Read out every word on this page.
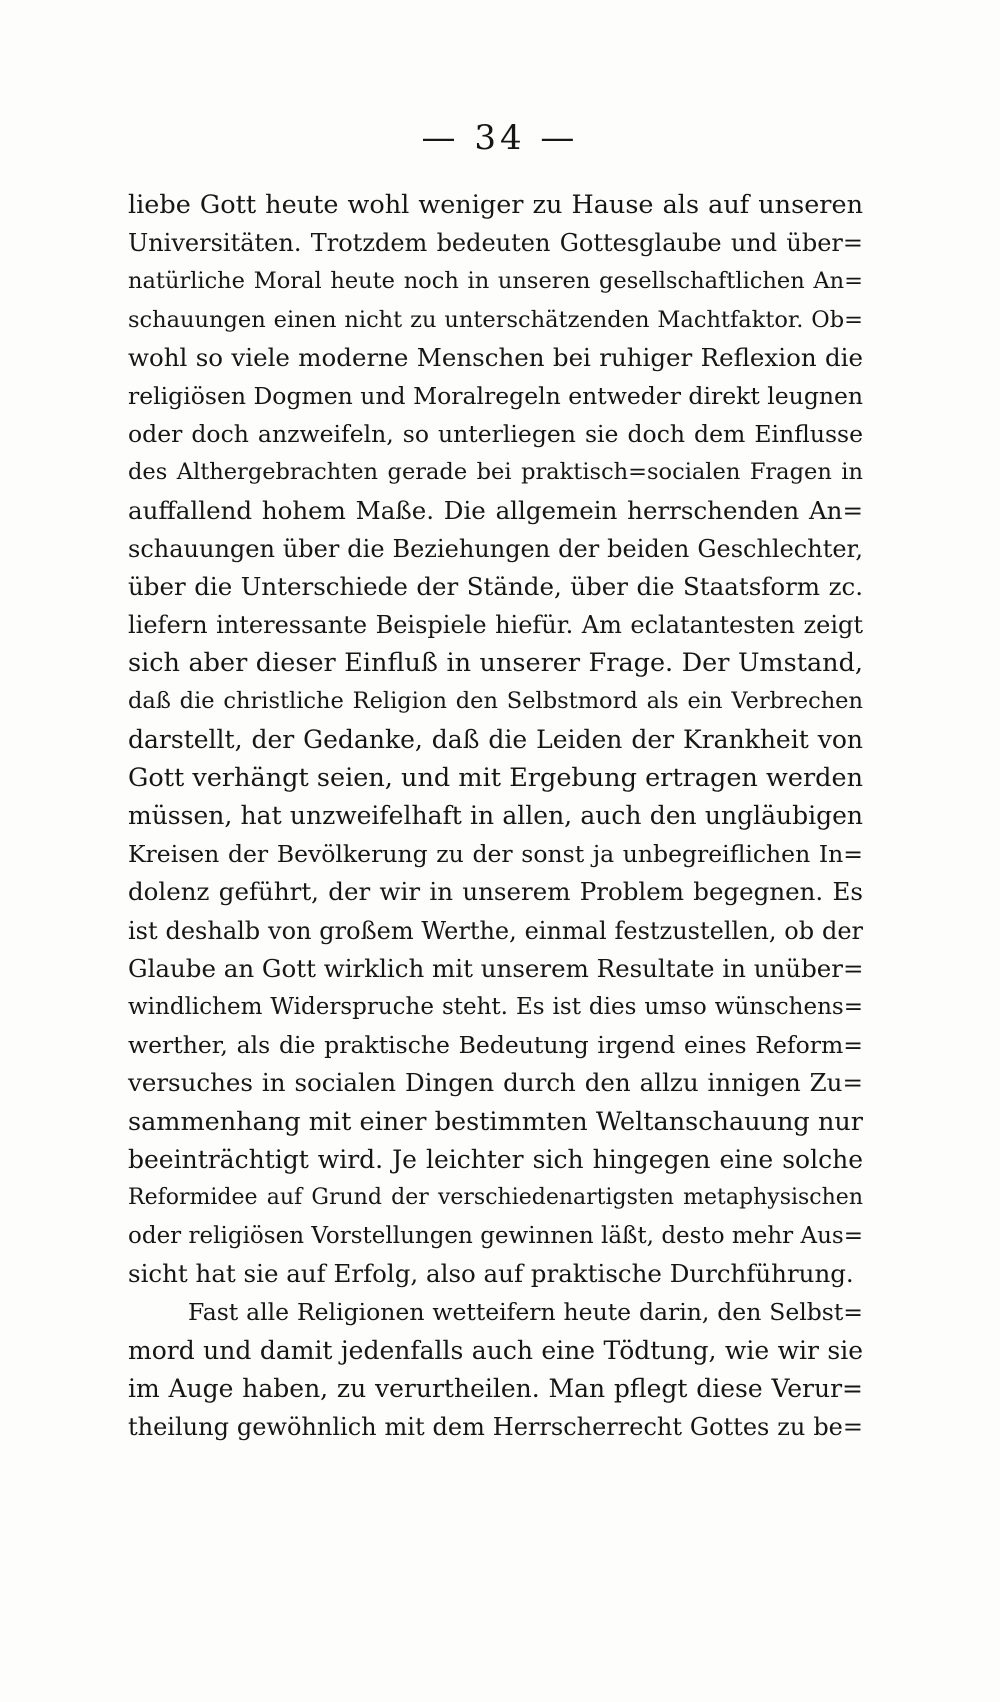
— 34 —
liebe Gott heute wohl weniger zu Hause als auf unseren
Universitäten. Trotzdem bedeuten Gottesglaube und über=
natürliche Moral heute noch in unseren gesellschaftlichen An=
schauungen einen nicht zu unterschätzenden Machtfaktor. Ob=
wohl so viele moderne Menschen bei ruhiger Reflexion die
religiösen Dogmen und Moralregeln entweder direkt leugnen
oder doch anzweifeln, so unterliegen sie doch dem Einflusse
des Althergebrachten gerade bei praktisch=socialen Fragen in
auffallend hohem Maße. Die allgemein herrschenden An=
schauungen über die Beziehungen der beiden Geschlechter,
über die Unterschiede der Stände, über die Staatsform zc.
liefern interessante Beispiele hiefür. Am eclatantesten zeigt
sich aber dieser Einfluß in unserer Frage. Der Umstand,
daß die christliche Religion den Selbstmord als ein Verbrechen
darstellt, der Gedanke, daß die Leiden der Krankheit von
Gott verhängt seien, und mit Ergebung ertragen werden
müssen, hat unzweifelhaft in allen, auch den ungläubigen
Kreisen der Bevölkerung zu der sonst ja unbegreiflichen In=
dolenz geführt, der wir in unserem Problem begegnen. Es
ist deshalb von großem Werthe, einmal festzustellen, ob der
Glaube an Gott wirklich mit unserem Resultate in unüber=
windlichem Widerspruche steht. Es ist dies umso wünschens=
werther, als die praktische Bedeutung irgend eines Reform=
versuches in socialen Dingen durch den allzu innigen Zu=
sammenhang mit einer bestimmten Weltanschauung nur
beeinträchtigt wird. Je leichter sich hingegen eine solche
Reformidee auf Grund der verschiedenartigsten metaphysischen
oder religiösen Vorstellungen gewinnen läßt, desto mehr Aus=
sicht hat sie auf Erfolg, also auf praktische Durchführung.
Fast alle Religionen wetteifern heute darin, den Selbst=
mord und damit jedenfalls auch eine Tödtung, wie wir sie
im Auge haben, zu verurtheilen. Man pflegt diese Verur=
theilung gewöhnlich mit dem Herrscherrecht Gottes zu be=
